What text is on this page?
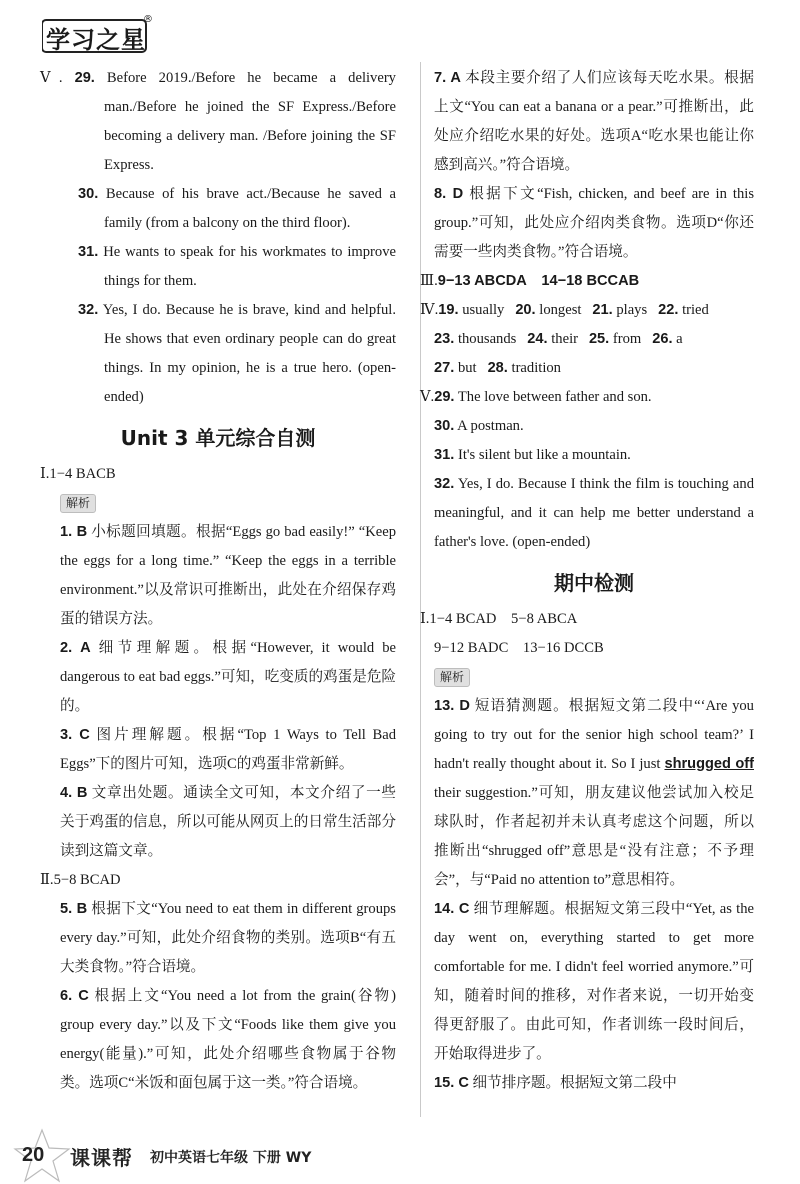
学习之星
®

Ⅴ. 29. Before 2019./Before he became a delivery man./Before he joined the SF Express./Before becoming a delivery man. /Before joining the SF Express.

30. Because of his brave act./Because he saved a family (from a balcony on the third floor).

31. He wants to speak for his workmates to improve things for them.

32. Yes, I do. Because he is brave, kind and helpful. He shows that even ordinary people can do great things. In my opinion, he is a true hero. (open-ended)

Unit 3 单元综合自测

Ⅰ.1−4 BACB

解析

1. B 小标题回填题。根据“Eggs go bad easily!” “Keep the eggs for a long time.” “Keep the eggs in a terrible environment.”以及常识可推断出，此处在介绍保存鸡蛋的错误方法。

2. A 细节理解题。根据“However, it would be dangerous to eat bad eggs.”可知，吃变质的鸡蛋是危险的。

3. C 图片理解题。根据“Top 1 Ways to Tell Bad Eggs”下的图片可知，选项C的鸡蛋非常新鲜。

4. B 文章出处题。通读全文可知，本文介绍了一些关于鸡蛋的信息，所以可能从网页上的日常生活部分读到这篇文章。

Ⅱ.5−8 BCAD

5. B 根据下文“You need to eat them in different groups every day.”可知，此处介绍食物的类别。选项B“有五大类食物。”符合语境。

6. C 根据上文“You need a lot from the grain(谷物) group every day.”以及下文“Foods like them give you energy(能量).”可知，此处介绍哪些食物属于谷物类。选项C“米饭和面包属于这一类。”符合语境。

7. A 本段主要介绍了人们应该每天吃水果。根据上文“You can eat a banana or a pear.”可推断出，此处应介绍吃水果的好处。选项A“吃水果也能让你感到高兴。”符合语境。

8. D 根据下文“Fish, chicken, and beef are in this group.”可知，此处应介绍肉类食物。选项D“你还需要一些肉类食物。”符合语境。

Ⅲ.9−13 ABCDA 14−18 BCCAB

Ⅳ.19. usually 20. longest 21. plays 22. tried

23. thousands 24. their 25. from 26. a

27. but 28. tradition

Ⅴ.29. The love between father and son.

30. A postman.

31. It's silent but like a mountain.

32. Yes, I do. Because I think the film is touching and meaningful, and it can help me better understand a father's love. (open-ended)

期中检测

Ⅰ.1−4 BCAD 5−8 ABCA

9−12 BADC 13−16 DCCB

解析

13. D 短语猜测题。根据短文第二段中“‘Are you going to try out for the senior high school team?’ I hadn't really thought about it. So I just shrugged off their suggestion.”可知，朋友建议他尝试加入校足球队时，作者起初并未认真考虑这个问题，所以推断出“shrugged off”意思是“没有注意；不予理会”，与“Paid no attention to”意思相符。

14. C 细节理解题。根据短文第三段中“Yet, as the day went on, everything started to get more comfortable for me. I didn't feel worried anymore.”可知，随着时间的推移，对作者来说，一切开始变得更舒服了。由此可知，作者训练一段时间后，开始取得进步了。

15. C 细节排序题。根据短文第二段中

20 课课帮 初中英语七年级 下册 WY
